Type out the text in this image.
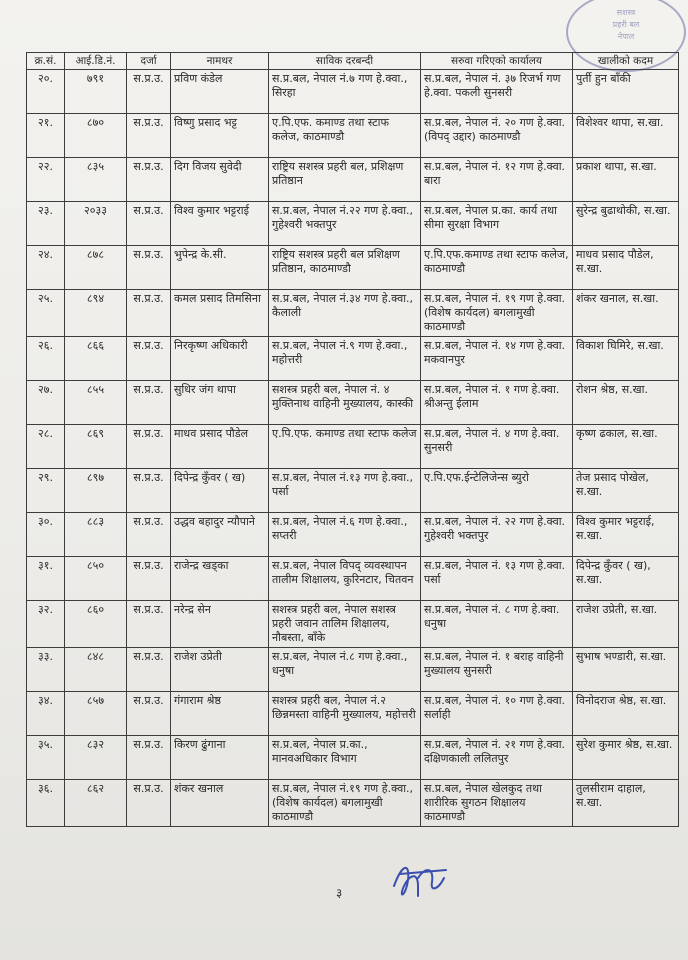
सशस्त्र
प्रहरी बल
नेपाल
क्र.सं.	आई.डि.नं.	दर्जा	नामथर	साविक दरबन्दी	सरुवा गरिएको कार्यालय	खालीको कदम
२०.	७९१	स.प्र.उ.	प्रविण कंडेल	स.प्र.बल, नेपाल नं.७ गण हे.क्वा., सिरहा	स.प्र.बल, नेपाल नं. ३७ रिजर्भ गण हे.क्वा. पकली सुनसरी	पुर्ती हुन बाँकी
२१.	८७०	स.प्र.उ.	विष्णु प्रसाद भट्ट	ए.पि.एफ. कमाण्ड तथा स्टाफ कलेज, काठमाण्डौ	स.प्र.बल, नेपाल नं. २० गण हे.क्वा. (विपद् उद्दार) काठमाण्डौ	विशेश्वर थापा, स.खा.
२२.	८३५	स.प्र.उ.	दिग विजय सुवेदी	राष्ट्रिय सशस्त्र प्रहरी बल, प्रशिक्षण प्रतिष्ठान	स.प्र.बल, नेपाल नं. १२ गण हे.क्वा. बारा	प्रकाश थापा, स.खा.
२३.	२०३३	स.प्र.उ.	विश्व कुमार भट्टराई	स.प्र.बल, नेपाल नं.२२ गण हे.क्वा., गुहेश्वरी भक्तपुर	स.प्र.बल, नेपाल प्र.का. कार्य तथा सीमा सुरक्षा विभाग	सुरेन्द्र बुढाथोकी, स.खा.
२४.	८७८	स.प्र.उ.	भुपेन्द्र के.सी.	राष्ट्रिय सशस्त्र प्रहरी बल प्रशिक्षण प्रतिष्ठान, काठमाण्डौ	ए.पि.एफ.कमाण्ड तथा स्टाफ कलेज, काठमाण्डौ	माधव प्रसाद पौडेल, स.खा.
२५.	८९४	स.प्र.उ.	कमल प्रसाद तिमसिना	स.प्र.बल, नेपाल नं.३४ गण हे.क्वा., कैलाली	स.प्र.बल, नेपाल नं. १९ गण हे.क्वा. (विशेष कार्यदल) बगलामुखी काठमाण्डौ	शंकर खनाल, स.खा.
२६.	८६६	स.प्र.उ.	निरकृष्ण अधिकारी	स.प्र.बल, नेपाल नं.९ गण हे.क्वा., महोत्तरी	स.प्र.बल, नेपाल नं. १४ गण हे.क्वा. मकवानपुर	विकाश घिमिरे, स.खा.
२७.	८५५	स.प्र.उ.	सुधिर जंग थापा	सशस्त्र प्रहरी बल, नेपाल नं. ४ मुक्तिनाथ वाहिनी मुख्यालय, कास्की	स.प्र.बल, नेपाल नं. १ गण हे.क्वा. श्रीअन्तु ईलाम	रोशन श्रेष्ठ, स.खा.
२८.	८६९	स.प्र.उ.	माधव प्रसाद पौडेल	ए.पि.एफ. कमाण्ड तथा स्टाफ कलेज	स.प्र.बल, नेपाल नं. ४ गण हे.क्वा. सुनसरी	कृष्ण ढकाल, स.खा.
२९.	८९७	स.प्र.उ.	दिपेन्द्र कुँवर ( ख)	स.प्र.बल, नेपाल नं.१३ गण हे.क्वा., पर्सा	ए.पि.एफ.ईन्टेलिजेन्स ब्युरो	तेज प्रसाद पोखेल, स.खा.
३०.	८८३	स.प्र.उ.	उद्धव बहादुर न्यौपाने	स.प्र.बल, नेपाल नं.६ गण हे.क्वा., सप्तरी	स.प्र.बल, नेपाल नं. २२ गण हे.क्वा. गुहेश्वरी भक्तपुर	विश्व कुमार भट्टराई, स.खा.
३१.	८५०	स.प्र.उ.	राजेन्द्र खड्का	स.प्र.बल, नेपाल विपद् व्यवस्थापन तालीम शिक्षालय, कुरिनटार, चितवन	स.प्र.बल, नेपाल नं. १३ गण हे.क्वा. पर्सा	दिपेन्द्र कुँवर ( ख), स.खा.
३२.	८६०	स.प्र.उ.	नरेन्द्र सेन	सशस्त्र प्रहरी बल, नेपाल सशस्त्र प्रहरी जवान तालिम शिक्षालय, नौबस्ता, बाँके	स.प्र.बल, नेपाल नं. ८ गण हे.क्वा. धनुषा	राजेश उप्रेती, स.खा.
३३.	८४८	स.प्र.उ.	राजेश उप्रेती	स.प्र.बल, नेपाल नं.८ गण हे.क्वा., धनुषा	स.प्र.बल, नेपाल नं. १ बराह वाहिनी मुख्यालय सुनसरी	सुभाष भण्डारी, स.खा.
३४.	८५७	स.प्र.उ.	गंगाराम श्रेष्ठ	सशस्त्र प्रहरी बल, नेपाल नं.२ छिन्नमस्ता वाहिनी मुख्यालय, महोत्तरी	स.प्र.बल, नेपाल नं. १० गण हे.क्वा. सर्लाही	विनोदराज श्रेष्ठ, स.खा.
३५.	८३२	स.प्र.उ.	किरण ढुंगाना	स.प्र.बल, नेपाल प्र.का., मानवअधिकार विभाग	स.प्र.बल, नेपाल नं. २१ गण हे.क्वा. दक्षिणकाली ललितपुर	सुरेश कुमार श्रेष्ठ, स.खा.
३६.	८६२	स.प्र.उ.	शंकर खनाल	स.प्र.बल, नेपाल नं.१९ गण हे.क्वा., (विशेष कार्यदल) बगलामुखी काठमाण्डौ	स.प्र.बल, नेपाल खेलकुद तथा शारीरिक सुगठन शिक्षालय काठमाण्डौ	तुलसीराम दाहाल, स.खा.
३
